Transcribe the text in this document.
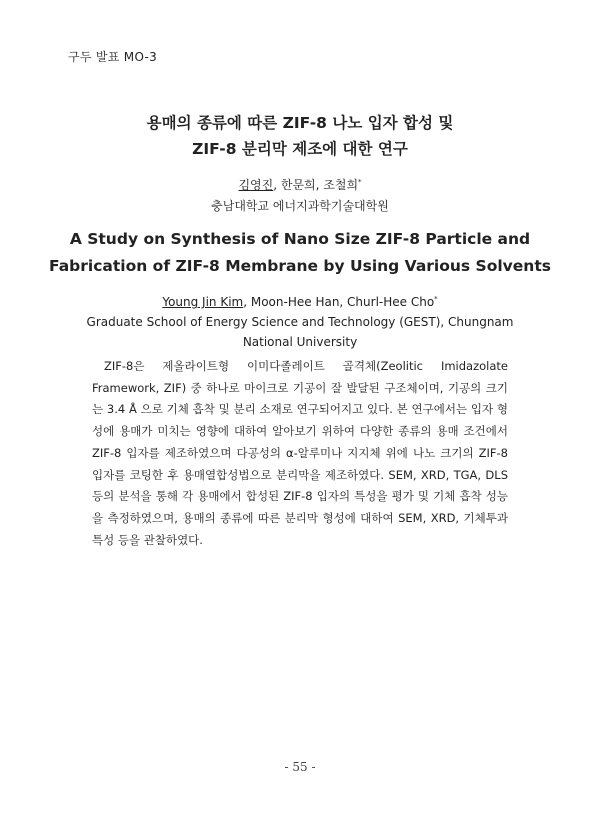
구두 발표 MO-3
용매의 종류에 따른 ZIF-8 나노 입자 합성 및
ZIF-8 분리막 제조에 대한 연구
김영진, 한문희, 조철희*
충남대학교 에너지과학기술대학원
A Study on Synthesis of Nano Size ZIF-8 Particle and
Fabrication of ZIF-8 Membrane by Using Various Solvents
Young Jin Kim, Moon-Hee Han, Churl-Hee Cho*
Graduate School of Energy Science and Technology (GEST), Chungnam
National University

ZIF-8은 제올라이트형 이미다졸레이트 골격체(Zeolitic Imidazolate Framework, ZIF) 중 하나로 마이크로 기공이 잘 발달된 구조체이며, 기공의 크기는 3.4 Å 으로 기체 흡착 및 분리 소재로 연구되어지고 있다. 본 연구에서는 입자 형성에 용매가 미치는 영향에 대하여 알아보기 위하여 다양한 종류의 용매 조건에서 ZIF-8 입자를 제조하였으며 다공성의 α-알루미나 지지체 위에 나노 크기의 ZIF-8 입자를 코팅한 후 용매열합성법으로 분리막을 제조하였다. SEM, XRD, TGA, DLS 등의 분석을 통해 각 용매에서 합성된 ZIF-8 입자의 특성을 평가 및 기체 흡착 성능을 측정하였으며, 용매의 종류에 따른 분리막 형성에 대하여 SEM, XRD, 기체투과특성 등을 관찰하였다.

- 55 -
